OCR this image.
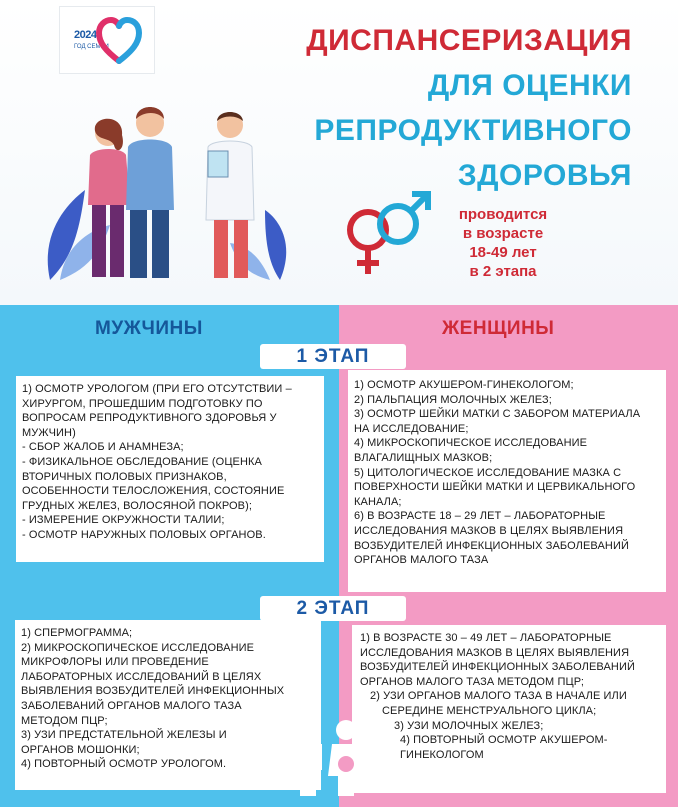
2024
ГОД СЕМЬИ	ДИСПАНСЕРИЗАЦИЯ
ДЛЯ ОЦЕНКИ
РЕПРОДУКТИВНОГО
ЗДОРОВЬЯ
проводится
в возрасте
18-49 лет
в 2 этапа
МУЖЧИНЫ	ЖЕНЩИНЫ
1 ЭТАП
1) ОСМОТР УРОЛОГОМ (ПРИ ЕГО ОТСУТСТВИИ –
ХИРУРГОМ, ПРОШЕДШИМ ПОДГОТОВКУ ПО
ВОПРОСАМ РЕПРОДУКТИВНОГО ЗДОРОВЬЯ У
МУЖЧИН)
- СБОР ЖАЛОБ И АНАМНЕЗА;
- ФИЗИКАЛЬНОЕ ОБСЛЕДОВАНИЕ (ОЦЕНКА
ВТОРИЧНЫХ ПОЛОВЫХ ПРИЗНАКОВ,
ОСОБЕННОСТИ ТЕЛОСЛОЖЕНИЯ, СОСТОЯНИЕ
ГРУДНЫХ ЖЕЛЕЗ, ВОЛОСЯНОЙ ПОКРОВ);
- ИЗМЕРЕНИЕ ОКРУЖНОСТИ ТАЛИИ;
- ОСМОТР НАРУЖНЫХ ПОЛОВЫХ ОРГАНОВ.
1) ОСМОТР АКУШЕРОМ-ГИНЕКОЛОГОМ;
2) ПАЛЬПАЦИЯ МОЛОЧНЫХ ЖЕЛЕЗ;
3) ОСМОТР ШЕЙКИ МАТКИ С ЗАБОРОМ МАТЕРИАЛА
НА ИССЛЕДОВАНИЕ;
4) МИКРОСКОПИЧЕСКОЕ ИССЛЕДОВАНИЕ
ВЛАГАЛИЩНЫХ МАЗКОВ;
5) ЦИТОЛОГИЧЕСКОЕ ИССЛЕДОВАНИЕ МАЗКА С
ПОВЕРХНОСТИ ШЕЙКИ МАТКИ И ЦЕРВИКАЛЬНОГО
КАНАЛА;
6) В ВОЗРАСТЕ 18 – 29 ЛЕТ – ЛАБОРАТОРНЫЕ
ИССЛЕДОВАНИЯ МАЗКОВ В ЦЕЛЯХ ВЫЯВЛЕНИЯ
ВОЗБУДИТЕЛЕЙ ИНФЕКЦИОННЫХ ЗАБОЛЕВАНИЙ
ОРГАНОВ МАЛОГО ТАЗА
2 ЭТАП
1) СПЕРМОГРАММА;
2) МИКРОСКОПИЧЕСКОЕ ИССЛЕДОВАНИЕ
МИКРОФЛОРЫ ИЛИ ПРОВЕДЕНИЕ
ЛАБОРАТОРНЫХ ИССЛЕДОВАНИЙ В ЦЕЛЯХ
ВЫЯВЛЕНИЯ ВОЗБУДИТЕЛЕЙ ИНФЕКЦИОННЫХ
ЗАБОЛЕВАНИЙ ОРГАНОВ МАЛОГО ТАЗА
МЕТОДОМ ПЦР;
3) УЗИ ПРЕДСТАТЕЛЬНОЙ ЖЕЛЕЗЫ И
ОРГАНОВ МОШОНКИ;
4) ПОВТОРНЫЙ ОСМОТР УРОЛОГОМ.
1) В ВОЗРАСТЕ 30 – 49 ЛЕТ – ЛАБОРАТОРНЫЕ
ИССЛЕДОВАНИЯ МАЗКОВ В ЦЕЛЯХ ВЫЯВЛЕНИЯ
ВОЗБУДИТЕЛЕЙ ИНФЕКЦИОННЫХ ЗАБОЛЕВАНИЙ
ОРГАНОВ МАЛОГО ТАЗА МЕТОДОМ ПЦР;
2) УЗИ ОРГАНОВ МАЛОГО ТАЗА В НАЧАЛЕ ИЛИ
СЕРЕДИНЕ МЕНСТРУАЛЬНОГО ЦИКЛА;
3) УЗИ МОЛОЧНЫХ ЖЕЛЕЗ;
4) ПОВТОРНЫЙ ОСМОТР АКУШЕРОМ-
ГИНЕКОЛОГОМ
